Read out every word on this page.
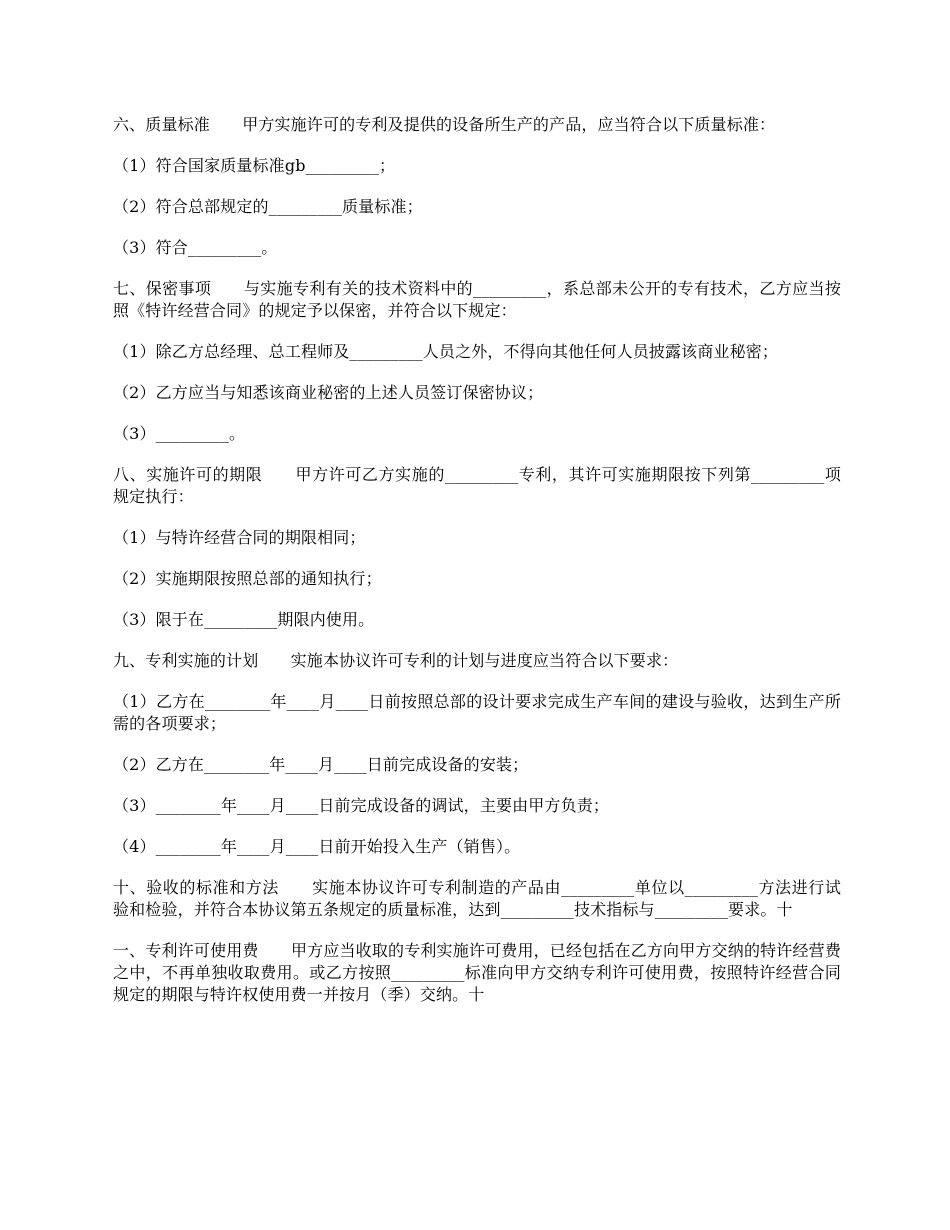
六、质量标准　　甲方实施许可的专利及提供的设备所生产的产品，应当符合以下质量标准：

（1）符合国家质量标准gb_________；

（2）符合总部规定的_________质量标准；

（3）符合_________。

七、保密事项　　与实施专利有关的技术资料中的_________，系总部未公开的专有技术，乙方应当按照《特许经营合同》的规定予以保密，并符合以下规定：

（1）除乙方总经理、总工程师及_________人员之外，不得向其他任何人员披露该商业秘密；

（2）乙方应当与知悉该商业秘密的上述人员签订保密协议；

（3）_________。

八、实施许可的期限　　甲方许可乙方实施的_________专利，其许可实施期限按下列第_________项规定执行：

（1）与特许经营合同的期限相同；

（2）实施期限按照总部的通知执行；

（3）限于在_________期限内使用。

九、专利实施的计划　　实施本协议许可专利的计划与进度应当符合以下要求：

（1）乙方在________年____月____日前按照总部的设计要求完成生产车间的建设与验收，达到生产所需的各项要求；

（2）乙方在________年____月____日前完成设备的安装；

（3）________年____月____日前完成设备的调试，主要由甲方负责；

（4）________年____月____日前开始投入生产（销售）。

十、验收的标准和方法　　实施本协议许可专利制造的产品由_________单位以_________方法进行试验和检验，并符合本协议第五条规定的质量标准，达到_________技术指标与_________要求。十

一、专利许可使用费　　甲方应当收取的专利实施许可费用，已经包括在乙方向甲方交纳的特许经营费之中，不再单独收取费用。或乙方按照_________标准向甲方交纳专利许可使用费，按照特许经营合同规定的期限与特许权使用费一并按月（季）交纳。十
